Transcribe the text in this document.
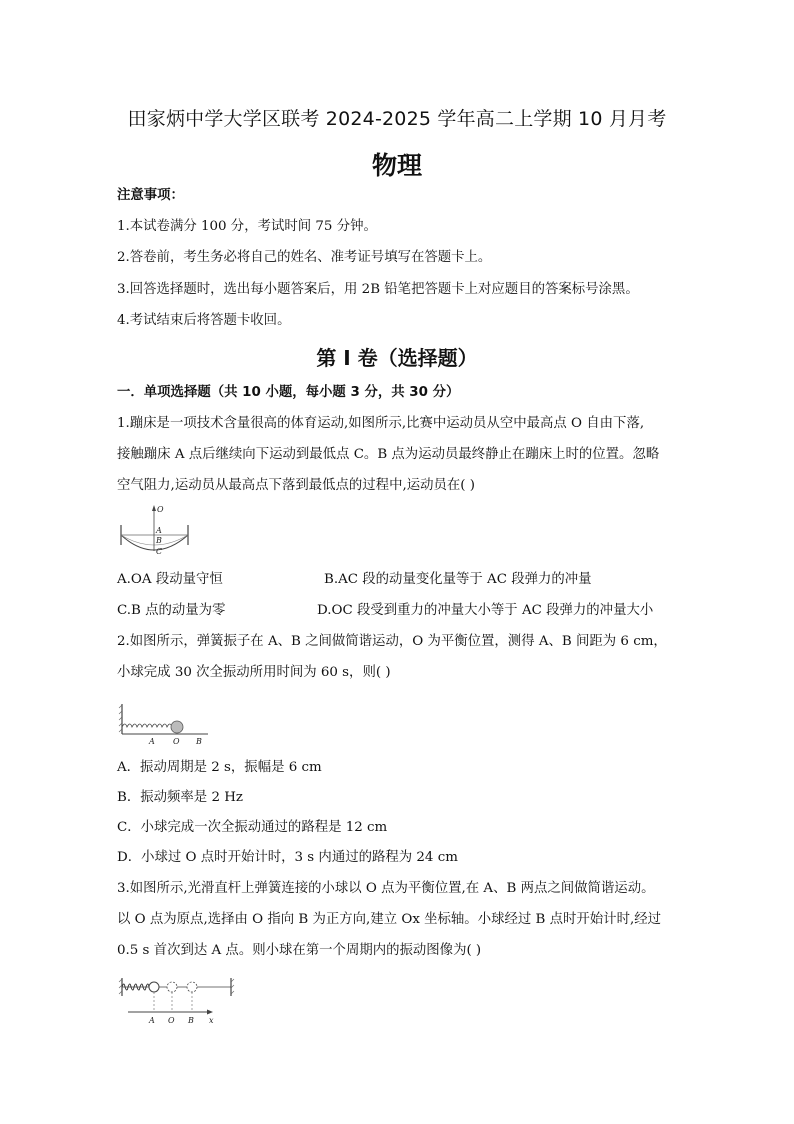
田家炳中学大学区联考 2024-2025 学年高二上学期 10 月月考
物理
注意事项：
1.本试卷满分 100 分，考试时间 75 分钟。
2.答卷前，考生务必将自己的姓名、准考证号填写在答题卡上。
3.回答选择题时，选出每小题答案后，用 2B 铅笔把答题卡上对应题目的答案标号涂黑。
4.考试结束后将答题卡收回。
第 I 卷（选择题）
一．单项选择题（共 10 小题，每小题 3 分，共 30 分）
1.蹦床是一项技术含量很高的体育运动,如图所示,比赛中运动员从空中最高点 O 自由下落,
接触蹦床 A 点后继续向下运动到最低点 C。B 点为运动员最终静止在蹦床上时的位置。忽略
空气阻力,运动员从最高点下落到最低点的过程中,运动员在( )
O
A
B
C
A.OA 段动量守恒	B.AC 段的动量变化量等于 AC 段弹力的冲量
C.B 点的动量为零	D.OC 段受到重力的冲量大小等于 AC 段弹力的冲量大小
2.如图所示，弹簧振子在 A、B 之间做简谐运动，O 为平衡位置，测得 A、B 间距为 6 cm，
小球完成 30 次全振动所用时间为 60 s，则( )
A O B
A．振动周期是 2 s，振幅是 6 cm
B．振动频率是 2 Hz
C．小球完成一次全振动通过的路程是 12 cm
D．小球过 O 点时开始计时，3 s 内通过的路程为 24 cm
3.如图所示,光滑直杆上弹簧连接的小球以 O 点为平衡位置,在 A、B 两点之间做简谐运动。
以 O 点为原点,选择由 O 指向 B 为正方向,建立 Ox 坐标轴。小球经过 B 点时开始计时,经过
0.5 s 首次到达 A 点。则小球在第一个周期内的振动图像为( )
A O B x
